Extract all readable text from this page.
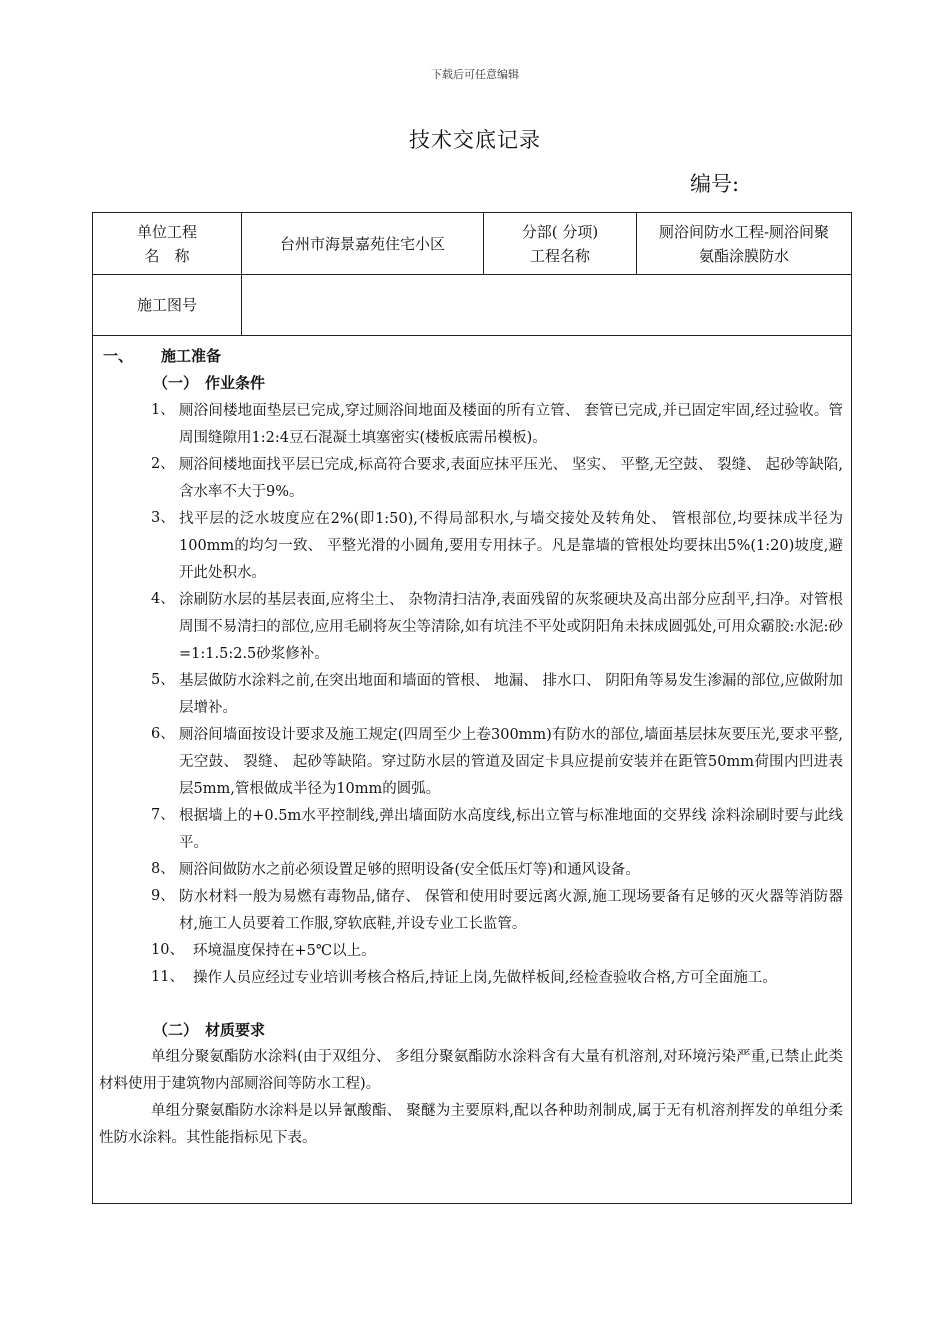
下载后可任意编辑
技术交底记录
编号:
单位工程
名　称
台州市海景嘉苑住宅小区
分部( 分项)
工程名称
厕浴间防水工程-厕浴间聚
氨酯涂膜防水
施工图号
一、 施工准备
（一） 作业条件
1、 厕浴间楼地面垫层已完成,穿过厕浴间地面及楼面的所有立管、 套管已完成,并已固定牢固,经过验收。管周围缝隙用1:2:4豆石混凝土填塞密实(楼板底需吊模板)。
2、 厕浴间楼地面找平层已完成,标高符合要求,表面应抹平压光、 坚实、 平整,无空鼓、 裂缝、 起砂等缺陷,含水率不大于9%。
3、 找平层的泛水坡度应在2%(即1:50),不得局部积水,与墙交接处及转角处、 管根部位,均要抹成半径为100mm的均匀一致、 平整光滑的小圆角,要用专用抹子。凡是靠墙的管根处均要抹出5%(1:20)坡度,避开此处积水。
4、 涂刷防水层的基层表面,应将尘土、 杂物清扫洁净,表面残留的灰浆硬块及高出部分应刮平,扫净。对管根周围不易清扫的部位,应用毛刷将灰尘等清除,如有坑洼不平处或阴阳角未抹成圆弧处,可用众霸胶:水泥:砂=1:1.5:2.5砂浆修补。
5、 基层做防水涂料之前,在突出地面和墙面的管根、 地漏、 排水口、 阴阳角等易发生渗漏的部位,应做附加层增补。
6、 厕浴间墙面按设计要求及施工规定(四周至少上卷300mm)有防水的部位,墙面基层抹灰要压光,要求平整,无空鼓、 裂缝、 起砂等缺陷。穿过防水层的管道及固定卡具应提前安装并在距管50mm荷围内凹进表层5mm,管根做成半径为10mm的圆弧。
7、 根据墙上的+0.5m水平控制线,弹出墙面防水高度线,标出立管与标准地面的交界线 涂料涂刷时要与此线平。
8、 厕浴间做防水之前必须设置足够的照明设备(安全低压灯等)和通风设备。
9、 防水材料一般为易燃有毒物品,储存、 保管和使用时要远离火源,施工现场要备有足够的灭火器等消防器材,施工人员要着工作服,穿软底鞋,并设专业工长监管。
10、 环境温度保持在+5℃以上。
11、 操作人员应经过专业培训考核合格后,持证上岗,先做样板间,经检查验收合格,方可全面施工。
（二） 材质要求
单组分聚氨酯防水涂料(由于双组分、 多组分聚氨酯防水涂料含有大量有机溶剂,对环境污染严重,已禁止此类材料使用于建筑物内部厕浴间等防水工程)。
单组分聚氨酯防水涂料是以异氰酸酯、 聚醚为主要原料,配以各种助剂制成,属于无有机溶剂挥发的单组分柔性防水涂料。其性能指标见下表。
